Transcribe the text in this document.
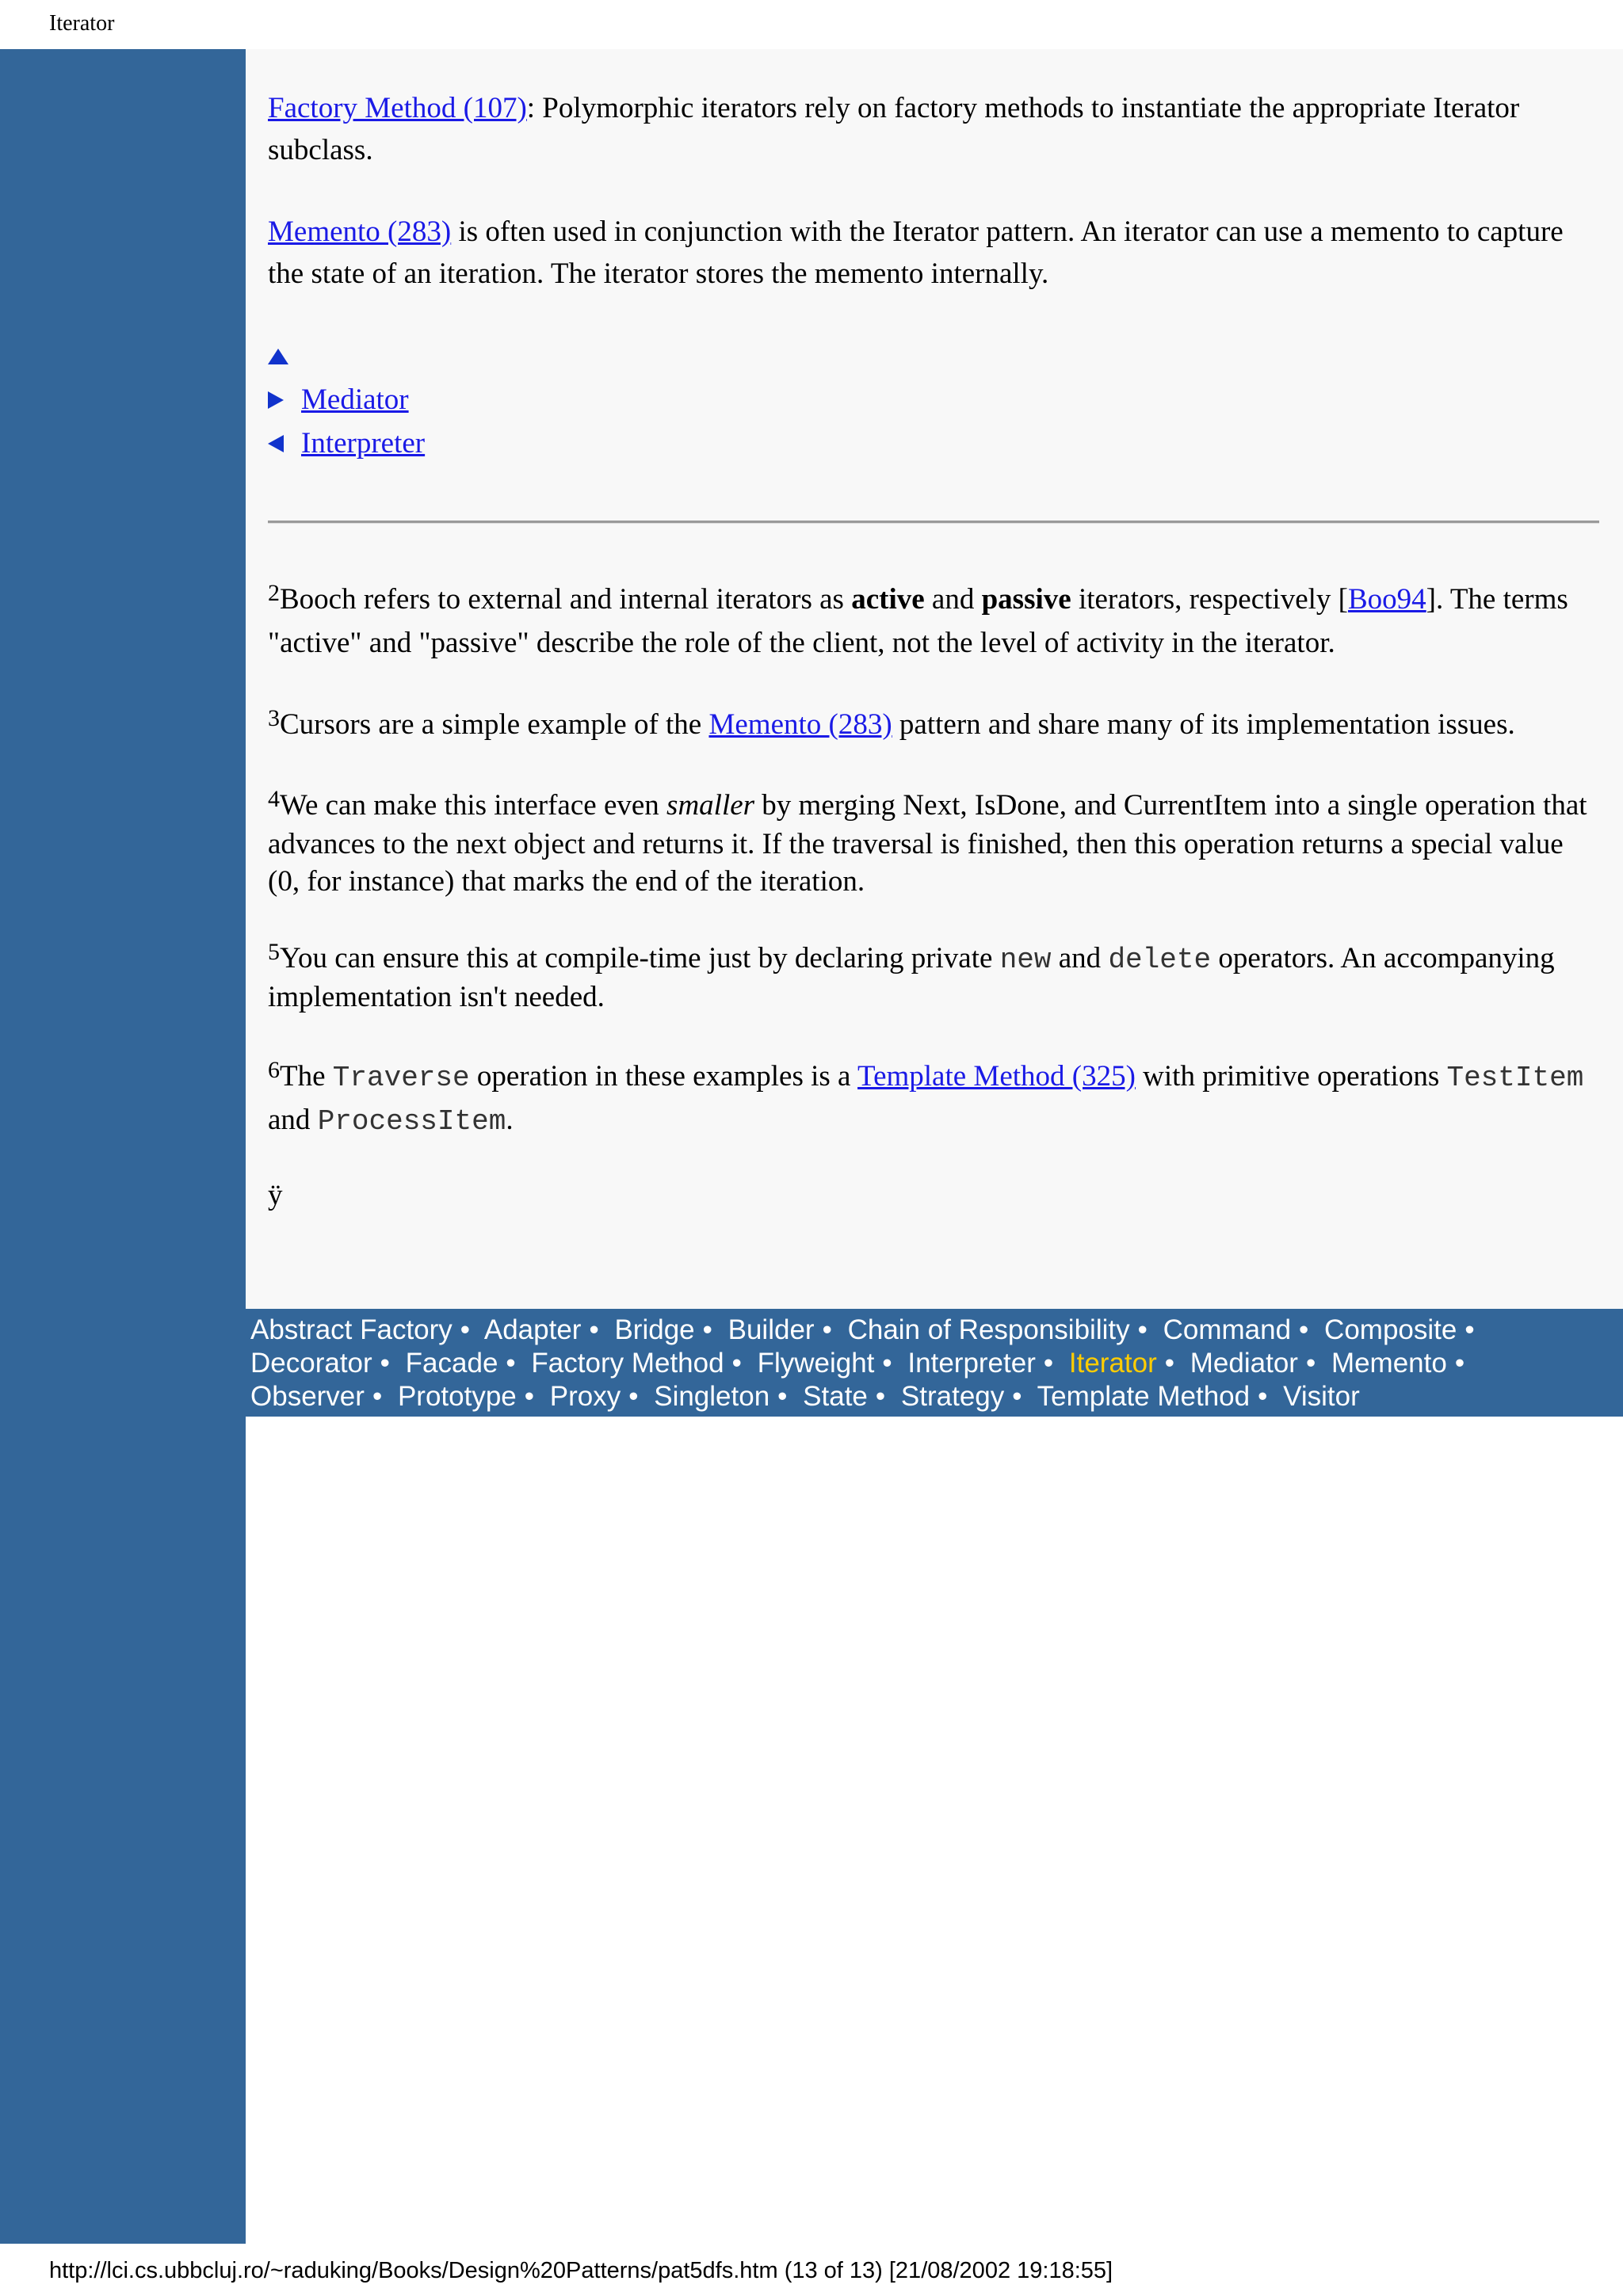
Iterator

Factory Method (107): Polymorphic iterators rely on factory methods to instantiate the appropriate Iterator subclass.

Memento (283) is often used in conjunction with the Iterator pattern. An iterator can use a memento to capture the state of an iteration. The iterator stores the memento internally.

Mediator
Interpreter

$^2$Booch refers to external and internal iterators as active and passive iterators, respectively [Boo94]. The terms "active" and "passive" describe the role of the client, not the level of activity in the iterator.

$^3$Cursors are a simple example of the Memento (283) pattern and share many of its implementation issues.

$^4$We can make this interface even smaller by merging Next, IsDone, and CurrentItem into a single operation that advances to the next object and returns it. If the traversal is finished, then this operation returns a special value (0, for instance) that marks the end of the iteration.

$^5$You can ensure this at compile-time just by declaring private new and delete operators. An accompanying implementation isn't needed.

$^6$The Traverse operation in these examples is a Template Method (325) with primitive operations TestItem and ProcessItem.

ÿ
Abstract Factory • Adapter • Bridge • Builder • Chain of Responsibility • Command • Composite • Decorator • Facade • Factory Method • Flyweight • Interpreter • Iterator • Mediator • Memento • Observer • Prototype • Proxy • Singleton • State • Strategy • Template Method • Visitor
http://lci.cs.ubbcluj.ro/~raduking/Books/Design%20Patterns/pat5dfs.htm (13 of 13) [21/08/2002 19:18:55]
